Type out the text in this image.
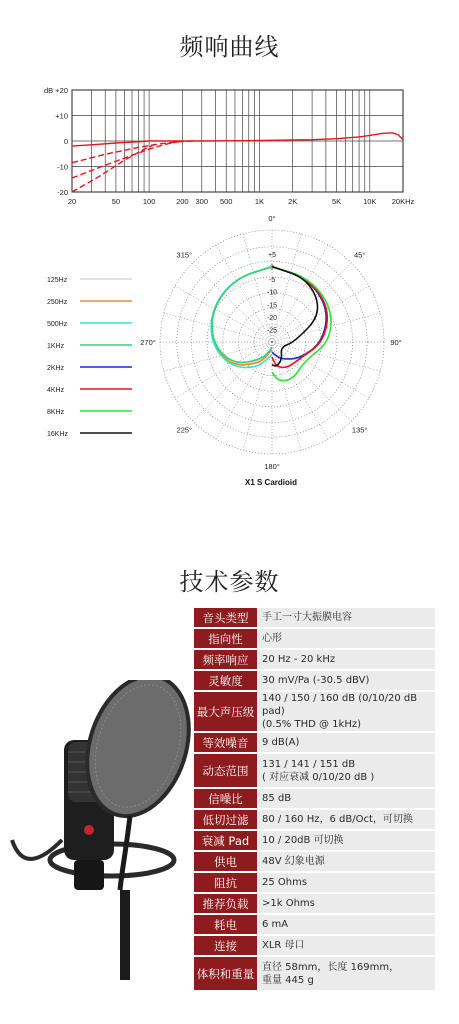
频响曲线
dB +20
+10
0
-10
-20
20	50	100	200 300 500	1K	2K	5K	10K 20KHz
0°
45°
90°
135°
180°
225°
270°
315°	+5
0
-5
-10
-15
-20
-25
125Hz
250Hz
500Hz
1KHz
2KHz
4KHz
8KHz
16KHz
X1 S Cardioid
技术参数
音头类型	手工一寸大振膜电容

指向性	心形

频率响应	20 Hz - 20 kHz

灵敏度	30 mV/Pa (-30.5 dBV)

最大声压级	140 / 150 / 160 dB (0/10/20 dB pad)
(0.5% THD @ 1kHz)

等效噪音	9 dB(A)

动态范围	131 / 141 / 151 dB
( 对应衰减 0/10/20 dB )

信噪比	85 dB

低切过滤	80 / 160 Hz，6 dB/Oct，可切换

衰减 Pad	10 / 20dB 可切换

供电	48V 幻象电源

阻抗	25 Ohms

推荐负载	>1k Ohms

耗电	6 mA

连接	XLR 母口

体积和重量	直径 58mm，长度 169mm，
重量 445 g
